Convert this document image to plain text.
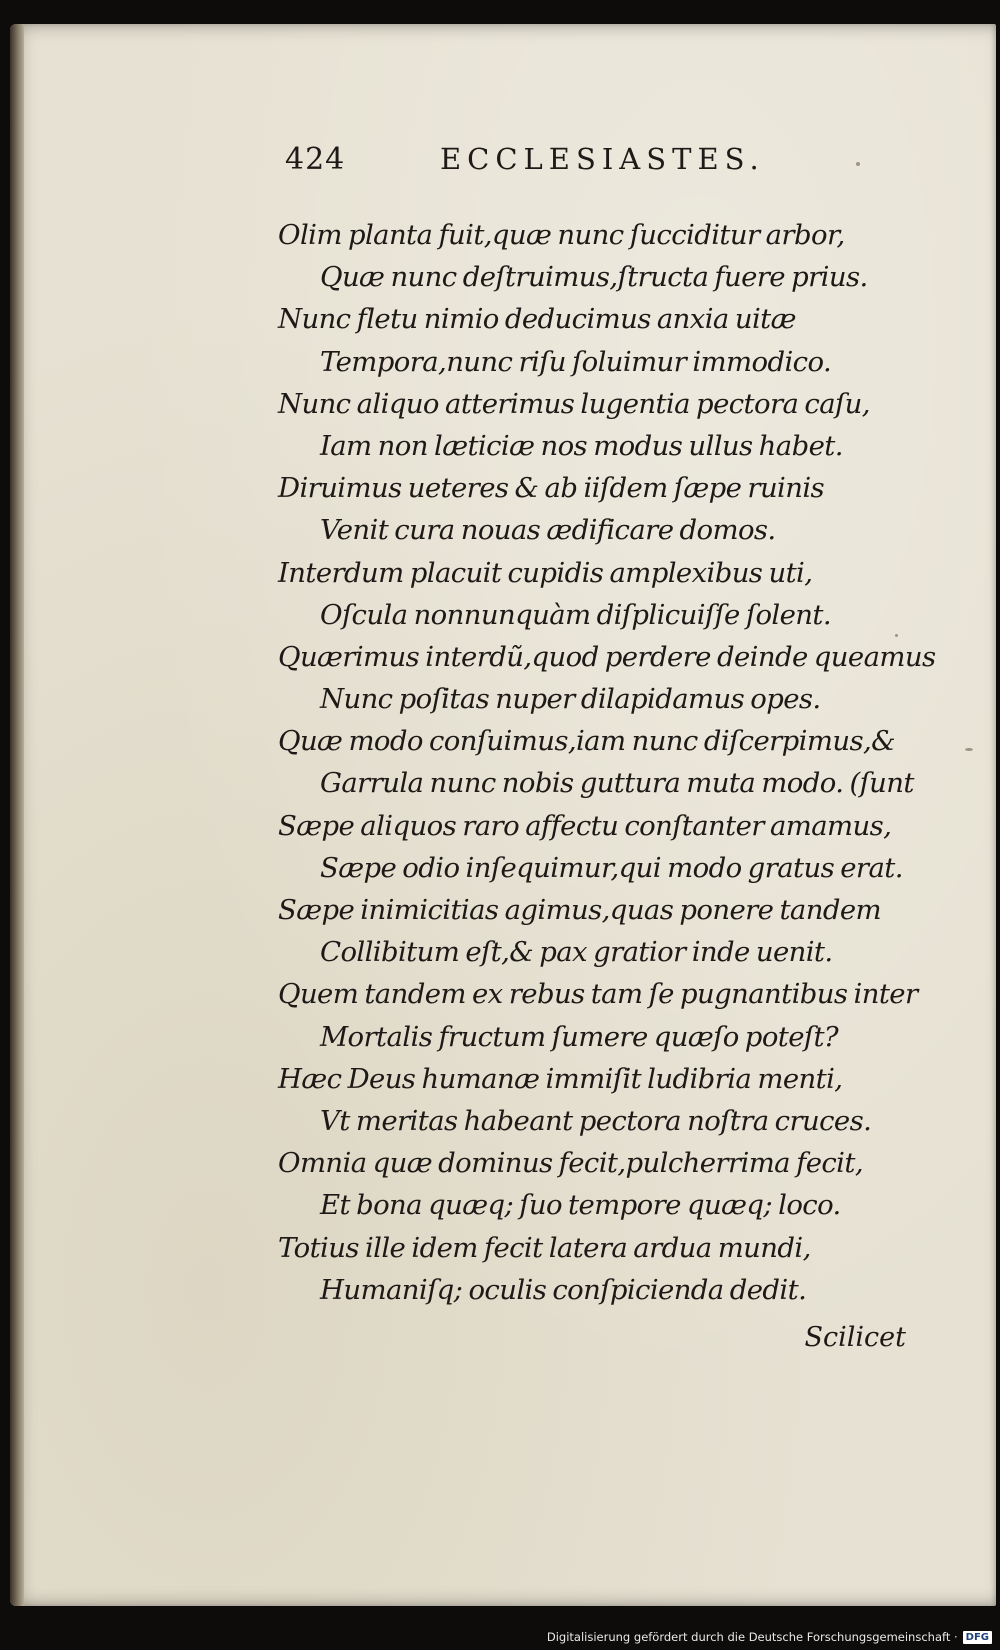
424	ECCLESIASTES.
Olim planta fuit,quæ nunc ſucciditur arbor,
Quæ nunc deſtruimus,ſtructa fuere prius.
Nunc fletu nimio deducimus anxia uitæ
Tempora,nunc riſu ſoluimur immodico.
Nunc aliquo atterimus lugentia pectora caſu,
Iam non læticiæ nos modus ullus habet.
Diruimus ueteres & ab iiſdem ſæpe ruinis
Venit cura nouas ædificare domos.
Interdum placuit cupidis amplexibus uti,
Oſcula nonnunquàm diſplicuiſſe ſolent.
Quærimus interdũ,quod perdere deinde queamus
Nunc poſitas nuper dilapidamus opes.
Quæ modo conſuimus,iam nunc diſcerpimus,&
Garrula nunc nobis guttura muta modo. (ſunt
Sæpe aliquos raro affectu conſtanter amamus,
Sæpe odio inſequimur,qui modo gratus erat.
Sæpe inimicitias agimus,quas ponere tandem
Collibitum eſt,& pax gratior inde uenit.
Quem tandem ex rebus tam ſe pugnantibus inter
Mortalis fructum ſumere quæſo poteſt?
Hæc Deus humanæ immiſit ludibria menti,
Vt meritas habeant pectora noſtra cruces.
Omnia quæ dominus fecit,pulcherrima fecit,
Et bona quæq; ſuo tempore quæq; loco.
Totius ille idem fecit latera ardua mundi,
Humaniſq; oculis conſpicienda dedit.
Scilicet
Digitalisierung gefördert durch die Deutsche Forschungsgemeinschaft · DFG
